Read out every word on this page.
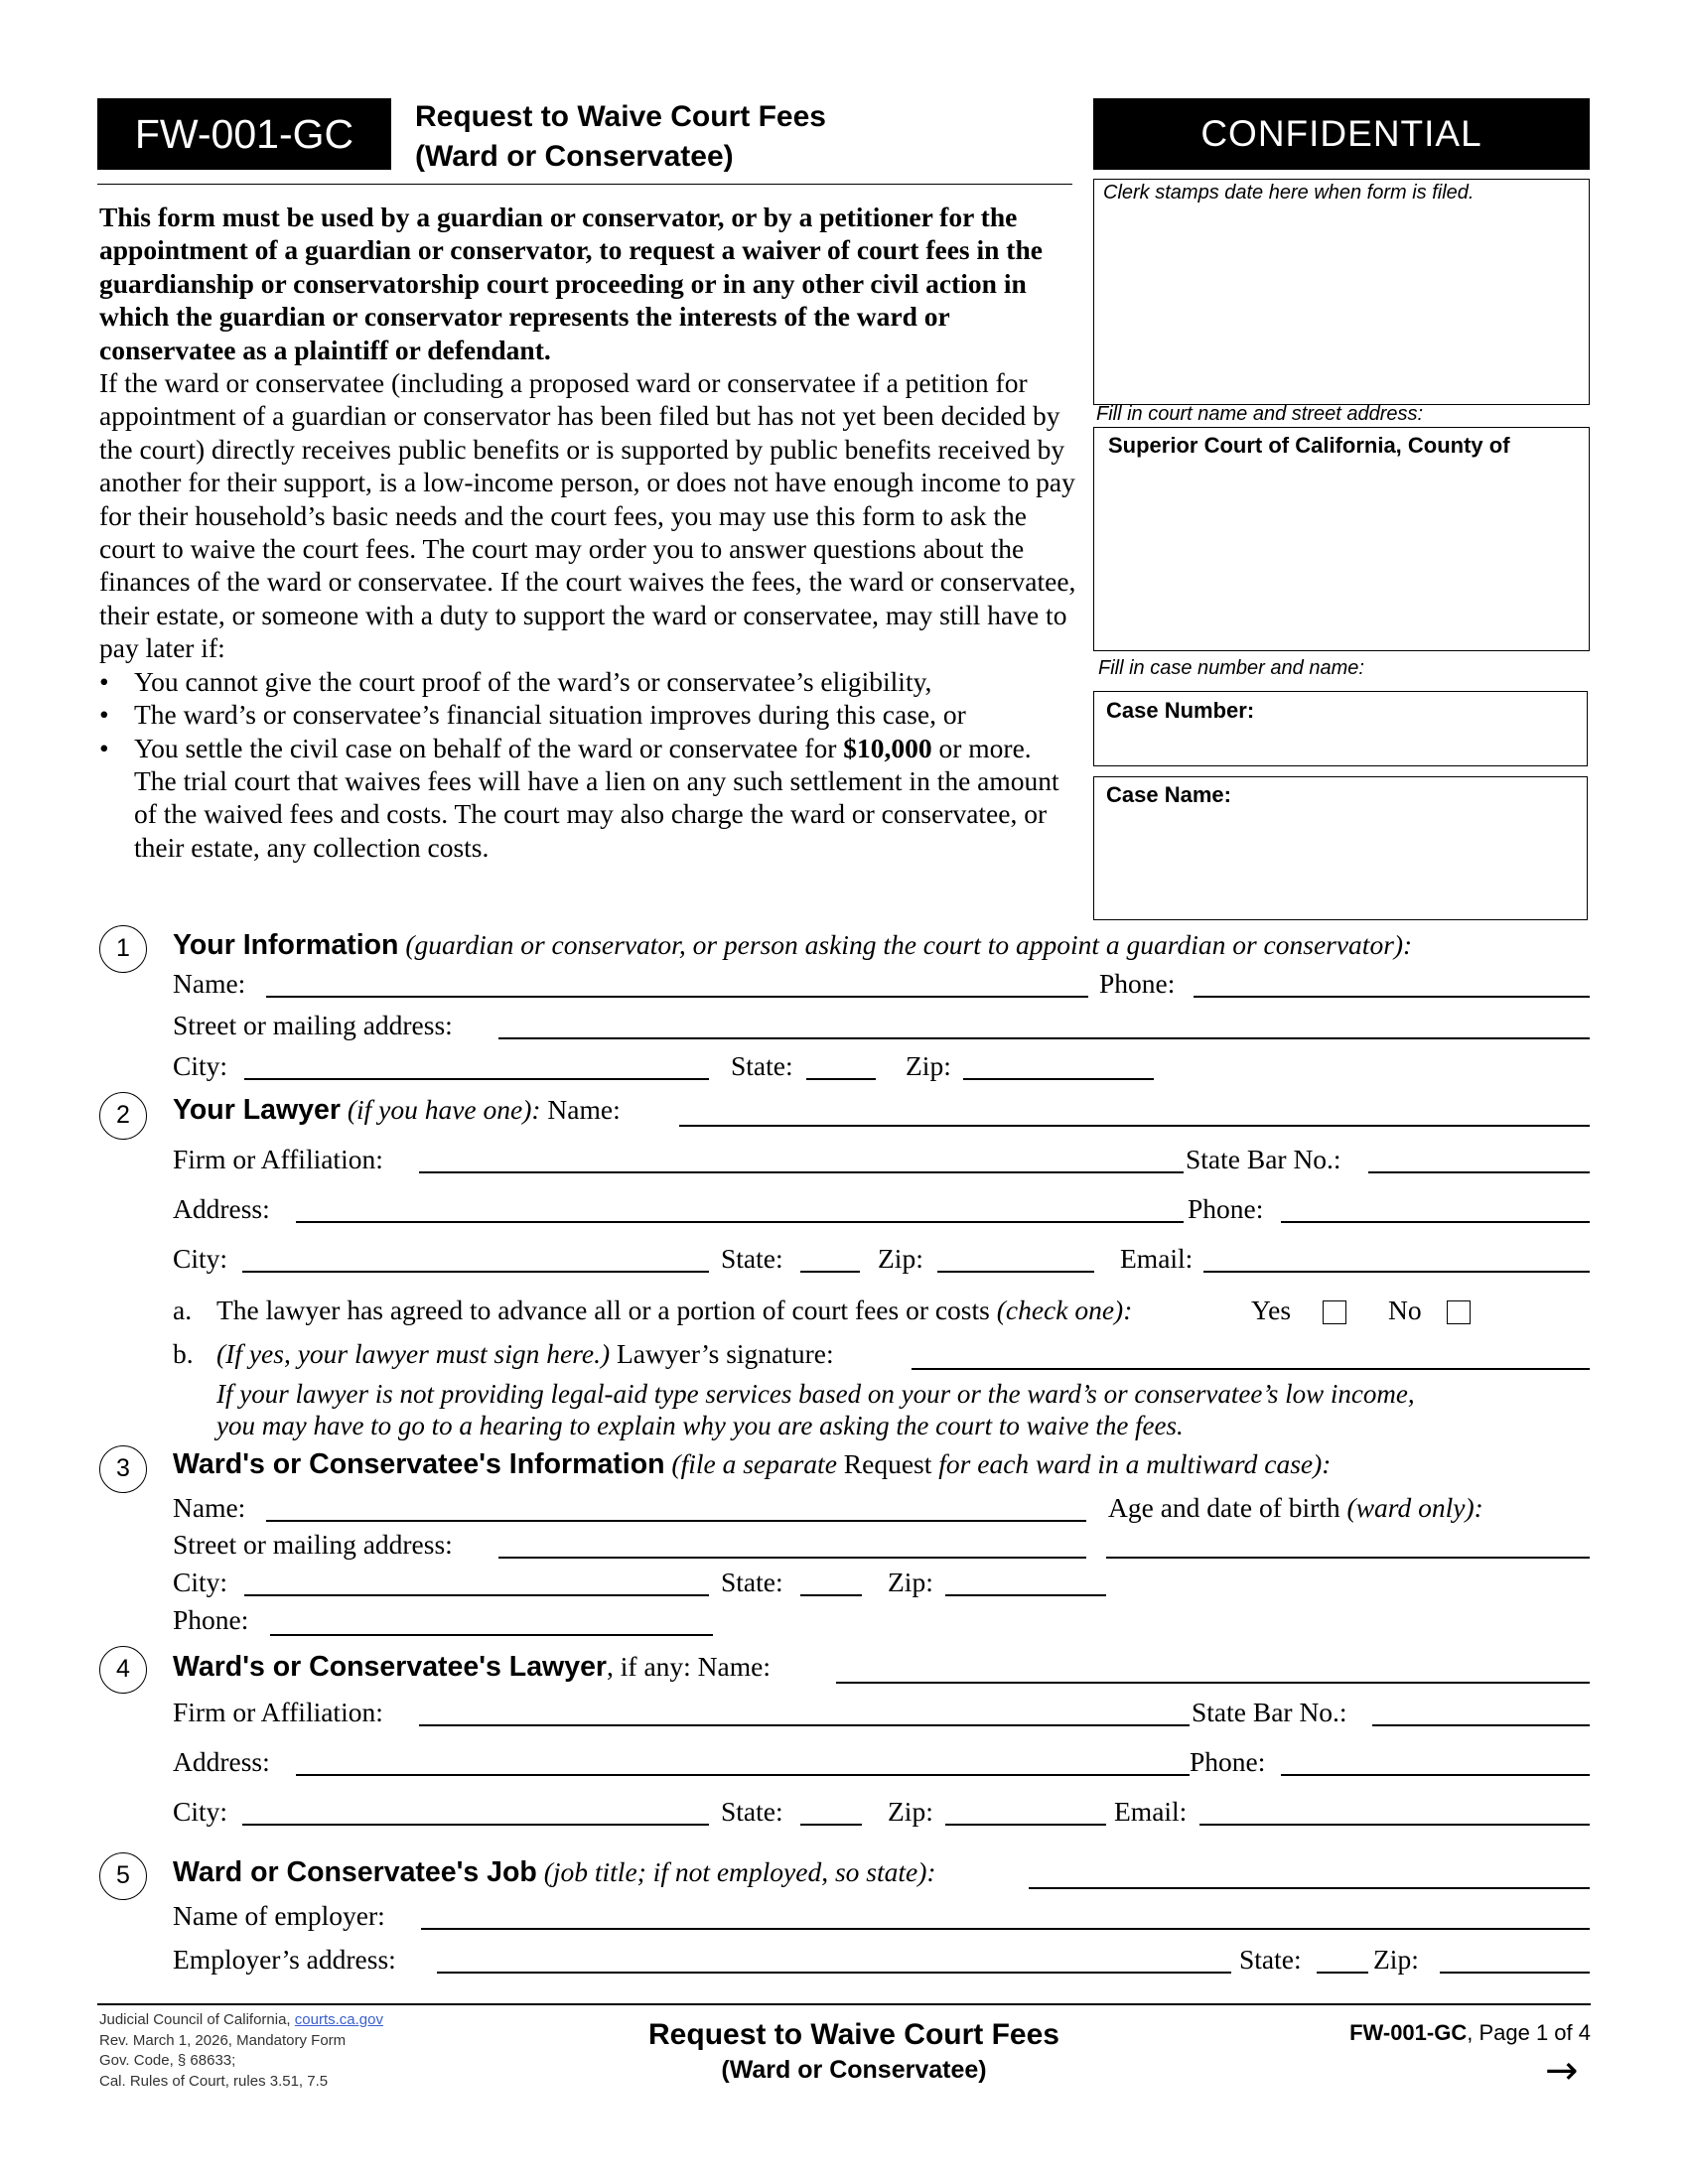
FW-001-GC	Request to Waive Court Fees
(Ward or Conservatee)
CONFIDENTIAL
Clerk stamps date here when form is filed.
Fill in court name and street address:
Superior Court of California, County of
Fill in case number and name:
Case Number:
Case Name:

This form must be used by a guardian or conservator, or by a petitioner for the appointment of a guardian or conservator, to request a waiver of court fees in the guardianship or conservatorship court proceeding or in any other civil action in which the guardian or conservator represents the interests of the ward or conservatee as a plaintiff or defendant.

If the ward or conservatee (including a proposed ward or conservatee if a petition for appointment of a guardian or conservator has been filed but has not yet been decided by the court) directly receives public benefits or is supported by public benefits received by another for their support, is a low-income person, or does not have enough income to pay for their household’s basic needs and the court fees, you may use this form to ask the court to waive the court fees. The court may order you to answer questions about the finances of the ward or conservatee. If the court waives the fees, the ward or conservatee, their estate, or someone with a duty to support the ward or conservatee, may still have to pay later if:

• You cannot give the court proof of the ward’s or conservatee’s eligibility,

• The ward’s or conservatee’s financial situation improves during this case, or

• You settle the civil case on behalf of the ward or conservatee for $10,000 or more. The trial court that waives fees will have a lien on any such settlement in the amount of the waived fees and costs. The court may also charge the ward or conservatee, or their estate, any collection costs.

1	Your Information (guardian or conservator, or person asking the court to appoint a guardian or conservator):
Name:	Phone:
Street or mailing address:
City:	State:	Zip:
2	Your Lawyer (if you have one): Name:
Firm or Affiliation:	State Bar No.:
Address:	Phone:
City:	State:	Zip:	Email:
a. The lawyer has agreed to advance all or a portion of court fees or costs (check one):	Yes	No
b. (If yes, your lawyer must sign here.) Lawyer’s signature:
If your lawyer is not providing legal-aid type services based on your or the ward’s or conservatee’s low income,
you may have to go to a hearing to explain why you are asking the court to waive the fees.
3	Ward's or Conservatee's Information (file a separate Request for each ward in a multiward case):
Name:	Age and date of birth (ward only):
Street or mailing address:
City:	State:	Zip:
Phone:
4	Ward's or Conservatee's Lawyer, if any: Name:
Firm or Affiliation:	State Bar No.:
Address:	Phone:
City:	State:	Zip:	Email:
5	Ward or Conservatee's Job (job title; if not employed, so state):
Name of employer:
Employer’s address:	State:	Zip:
Judicial Council of California, courts.ca.gov
Rev. March 1, 2026, Mandatory Form
Gov. Code, § 68633;
Cal. Rules of Court, rules 3.51, 7.5
Request to Waive Court Fees
(Ward or Conservatee)
FW-001-GC, Page 1 of 4
→
